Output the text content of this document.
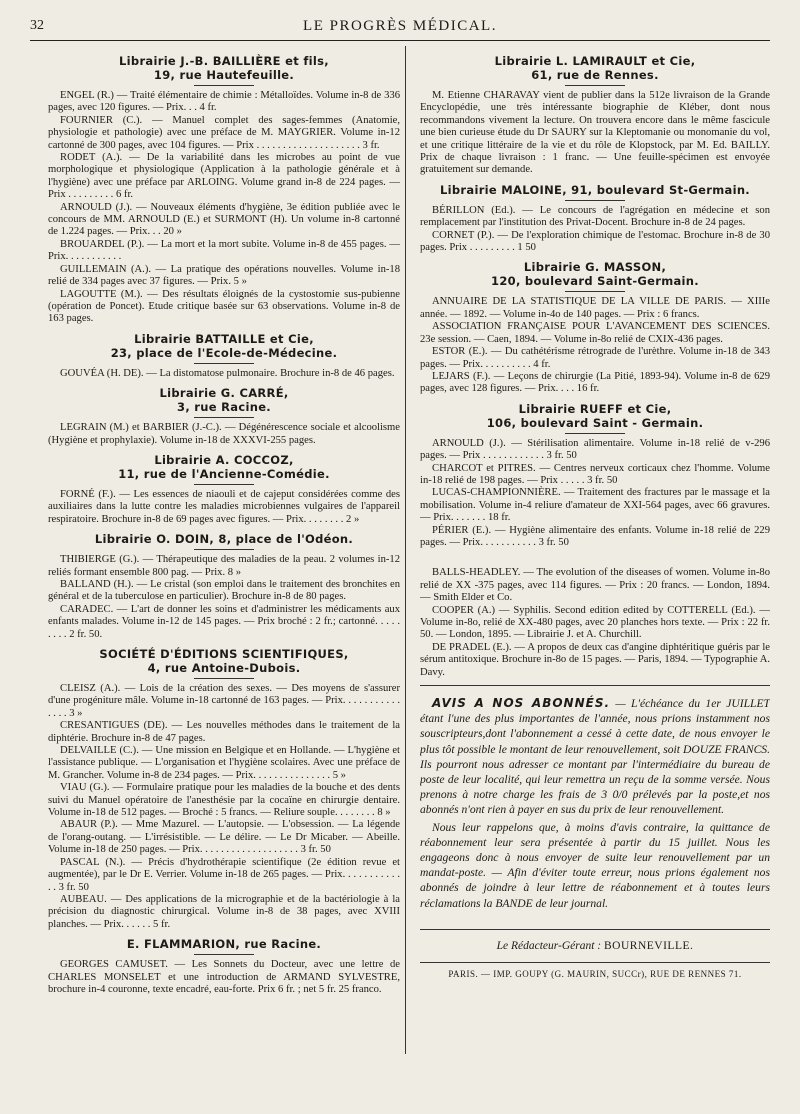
32	LE PROGRÈS MÉDICAL.
Librairie J.-B. BAILLIÈRE et fils,
19, rue Hautefeuille.

ENGEL (R.) — Traité élémentaire de chimie : Métalloïdes. Volume in-8 de 336 pages, avec 120 figures. — Prix. . . 4 fr.

FOURNIER (C.). — Manuel complet des sages-femmes (Anatomie, physiologie et pathologie) avec une préface de M. MAYGRIER. Volume in-12 cartonné de 300 pages, avec 104 figures. — Prix . . . . . . . . . . . . . . . . . . . . 3 fr.

RODET (A.). — De la variabilité dans les microbes au point de vue morphologique et physiologique (Application à la pathologie générale et à l'hygiène) avec une préface par ARLOING. Volume grand in-8 de 224 pages. — Prix . . . . . . . . . 6 fr.

ARNOULD (J.). — Nouveaux éléments d'hygiène, 3e édition publiée avec le concours de MM. ARNOULD (E.) et SURMONT (H). Un volume in-8 cartonné de 1.224 pages. — Prix. . . 20 »

BROUARDEL (P.). — La mort et la mort subite. Volume in-8 de 455 pages. — Prix. . . . . . . . . . .

GUILLEMAIN (A.). — La pratique des opérations nouvelles. Volume in-18 relié de 334 pages avec 37 figures. — Prix. 5 »

LAGOUTTE (M.). — Des résultats éloignés de la cystostomie sus-pubienne (opération de Poncet). Etude critique basée sur 63 observations. Volume in-8 de 163 pages.

Librairie BATTAILLE et Cie,
23, place de l'Ecole-de-Médecine.

GOUVÉA (H. DE). — La distomatose pulmonaire. Brochure in-8 de 46 pages.

Librairie G. CARRÉ,
3, rue Racine.

LEGRAIN (M.) et BARBIER (J.-C.). — Dégénérescence sociale et alcoolisme (Hygiène et prophylaxie). Volume in-18 de XXXVI-255 pages.

Librairie A. COCCOZ,
11, rue de l'Ancienne-Comédie.

FORNÉ (F.). — Les essences de niaouli et de cajeput considérées comme des auxiliaires dans la lutte contre les maladies microbiennes vulgaires de l'appareil respiratoire. Brochure in-8 de 69 pages avec figures. — Prix. . . . . . . . 2 »

Librairie O. DOIN, 8, place de l'Odéon.

THIBIERGE (G.). — Thérapeutique des maladies de la peau. 2 volumes in-12 reliés formant ensemble 800 pag. — Prix. 8 »

BALLAND (H.). — Le cristal (son emploi dans le traitement des bronchites en général et de la tuberculose en particulier). Brochure in-8 de 80 pages.

CARADEC. — L'art de donner les soins et d'administrer les médicaments aux enfants malades. Volume in-12 de 145 pages. — Prix broché : 2 fr.; cartonné. . . . . . . . . 2 fr. 50.

SOCIÉTÉ D'ÉDITIONS SCIENTIFIQUES,
4, rue Antoine-Dubois.

CLEISZ (A.). — Lois de la création des sexes. — Des moyens de s'assurer d'une progéniture mâle. Volume in-18 cartonné de 163 pages. — Prix. . . . . . . . . . . . . . . 3 »

CRESANTIGUES (DE). — Les nouvelles méthodes dans le traitement de la diphtérie. Brochure in-8 de 47 pages.

DELVAILLE (C.). — Une mission en Belgique et en Hollande. — L'hygiène et l'assistance publique. — L'organisation et l'hygiène scolaires. Avec une préface de M. Grancher. Volume in-8 de 234 pages. — Prix. . . . . . . . . . . . . . . 5 »

VIAU (G.). — Formulaire pratique pour les maladies de la bouche et des dents suivi du Manuel opératoire de l'anesthésie par la cocaïne en chirurgie dentaire. Volume in-18 de 512 pages. — Broché : 5 francs. — Reliure souple. . . . . . . . 8 »

ABAUR (P.). — Mme Mazurel. — L'autopsie. — L'obsession. — La légende de l'orang-outang. — L'irrésistible. — Le délire. — Le Dr Micaber. — Abeille. Volume in-18 de 250 pages. — Prix. . . . . . . . . . . . . . . . . . . 3 fr. 50

PASCAL (N.). — Précis d'hydrothérapie scientifique (2e édition revue et augmentée), par le Dr E. Verrier. Volume in-18 de 265 pages. — Prix. . . . . . . . . . . . . 3 fr. 50

AUBEAU. — Des applications de la micrographie et de la bactériologie à la précision du diagnostic chirurgical. Volume in-8 de 38 pages, avec XVIII planches. — Prix. . . . . . 5 fr.

E. FLAMMARION, rue Racine.

GEORGES CAMUSET. — Les Sonnets du Docteur, avec une lettre de CHARLES MONSELET et une introduction de ARMAND SYLVESTRE, brochure in-4 couronne, texte encadré, eau-forte. Prix 6 fr. ; net 5 fr. 25 franco.

Librairie L. LAMIRAULT et Cie,
61, rue de Rennes.

M. Etienne CHARAVAY vient de publier dans la 512e livraison de la Grande Encyclopédie, une très intéressante biographie de Kléber, dont nous recommandons vivement la lecture. On trouvera encore dans le même fascicule une bien curieuse étude du Dr SAURY sur la Kleptomanie ou monomanie du vol, et une critique littéraire de la vie et du rôle de Klopstock, par M. Ed. BAILLY. Prix de chaque livraison : 1 franc. — Une feuille-spécimen est envoyée gratuitement sur demande.

Librairie MALOINE, 91, boulevard St-Germain.

BÉRILLON (Ed.). — Le concours de l'agrégation en médecine et son remplacement par l'institution des Privat-Docent. Brochure in-8 de 24 pages.

CORNET (P.). — De l'exploration chimique de l'estomac. Brochure in-8 de 30 pages. Prix . . . . . . . . . 1 50

Librairie G. MASSON,
120, boulevard Saint-Germain.

ANNUAIRE DE LA STATISTIQUE DE LA VILLE DE PARIS. — XIIIe année. — 1892. — Volume in-4o de 140 pages. — Prix : 6 francs.

ASSOCIATION FRANÇAISE POUR L'AVANCEMENT DES SCIENCES. 23e session. — Caen, 1894. — Volume in-8o relié de CXIX-436 pages.

ESTOR (E.). — Du cathétérisme rétrograde de l'urèthre. Volume in-18 de 343 pages. — Prix. . . . . . . . . . 4 fr.

LEJARS (F.). — Leçons de chirurgie (La Pitié, 1893-94). Volume in-8 de 629 pages, avec 128 figures. — Prix. . . . 16 fr.

Librairie RUEFF et Cie,
106, boulevard Saint - Germain.

ARNOULD (J.). — Stérilisation alimentaire. Volume in-18 relié de v-296 pages. — Prix . . . . . . . . . . . . 3 fr. 50

CHARCOT et PITRES. — Centres nerveux corticaux chez l'homme. Volume in-18 relié de 198 pages. — Prix . . . . . 3 fr. 50

LUCAS-CHAMPIONNIÈRE. — Traitement des fractures par le massage et la mobilisation. Volume in-4 reliure d'amateur de XXI-564 pages, avec 66 gravures. — Prix. . . . . . . 18 fr.

PÉRIER (E.). — Hygiène alimentaire des enfants. Volume in-18 relié de 229 pages. — Prix. . . . . . . . . . . 3 fr. 50

BALLS-HEADLEY. — The evolution of the diseases of women. Volume in-8o relié de XX -375 pages, avec 114 figures. — Prix : 20 francs. — London, 1894. — Smith Elder et Co.

COOPER (A.) — Syphilis. Second edition edited by COTTERELL (Ed.). — Volume in-8o, relié de XX-480 pages, avec 20 planches hors texte. — Prix : 22 fr. 50. — London, 1895. — Librairie J. et A. Churchill.

DE PRADEL (E.). — A propos de deux cas d'angine diphtéritique guéris par le sérum antitoxique. Brochure in-8o de 15 pages. — Paris, 1894. — Typographie A. Davy.

AVIS A NOS ABONNÉS. — L'échéance du 1er JUILLET étant l'une des plus importantes de l'année, nous prions instamment nos souscripteurs,dont l'abonnement a cessé à cette date, de nous envoyer le plus tôt possible le montant de leur renouvellement, soit DOUZE FRANCS. Ils pourront nous adresser ce montant par l'intermédiaire du bureau de poste de leur localité, qui leur remettra un reçu de la somme versée. Nous prenons à notre charge les frais de 3 0/0 prélevés par la poste,et nos abonnés n'ont rien à payer en sus du prix de leur renouvellement.

Nous leur rappelons que, à moins d'avis contraire, la quittance de réabonnement leur sera présentée à partir du 15 juillet. Nous les engageons donc à nous envoyer de suite leur renouvellement par un mandat-poste. — Afin d'éviter toute erreur, nous prions également nos abonnés de joindre à leur lettre de réabonnement et à toutes leurs réclamations la BANDE de leur journal.

Le Rédacteur-Gérant : BOURNEVILLE.
PARIS. — IMP. GOUPY (G. MAURIN, SUCCr), RUE DE RENNES 71.
